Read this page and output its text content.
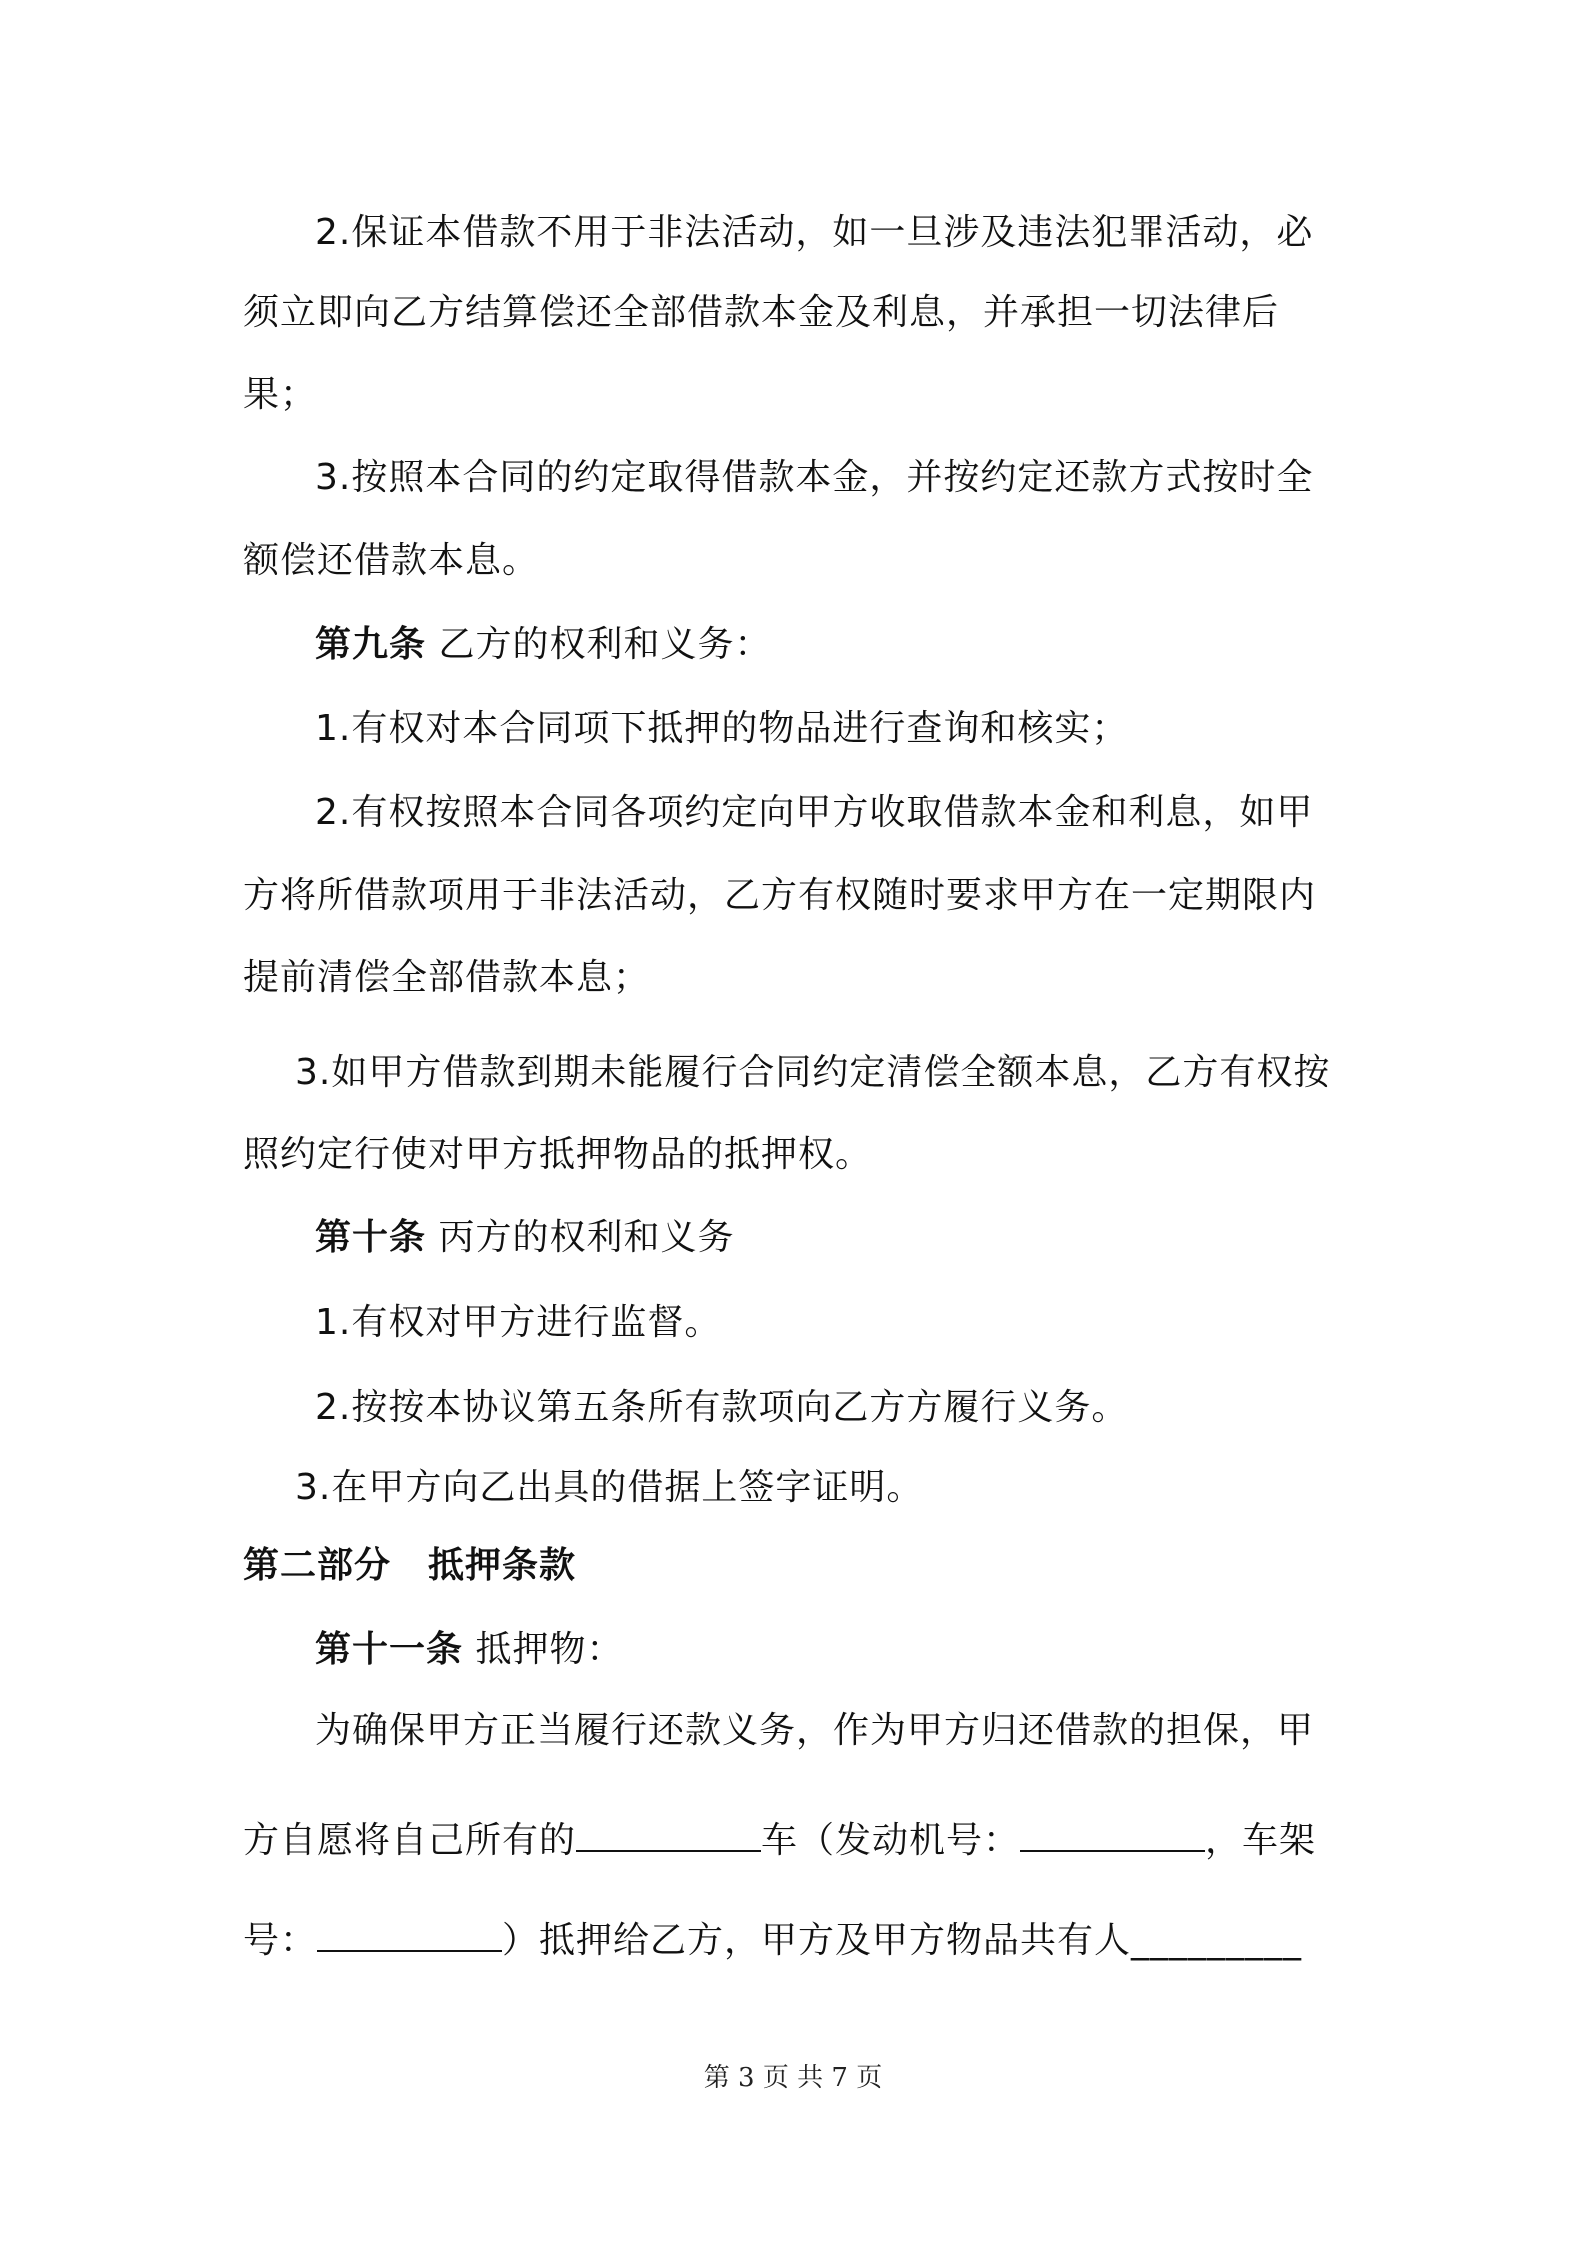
2.保证本借款不用于非法活动，如一旦涉及违法犯罪活动，必
须立即向乙方结算偿还全部借款本金及利息，并承担一切法律后
果；
3.按照本合同的约定取得借款本金，并按约定还款方式按时全
额偿还借款本息。
第九条 乙方的权利和义务：
1.有权对本合同项下抵押的物品进行查询和核实；
2.有权按照本合同各项约定向甲方收取借款本金和利息，如甲
方将所借款项用于非法活动，乙方有权随时要求甲方在一定期限内
提前清偿全部借款本息；
3.如甲方借款到期未能履行合同约定清偿全额本息，乙方有权按
照约定行使对甲方抵押物品的抵押权。
第十条 丙方的权利和义务
1.有权对甲方进行监督。
2.按按本协议第五条所有款项向乙方方履行义务。
3.在甲方向乙出具的借据上签字证明。
第二部分　抵押条款
第十一条 抵押物：
为确保甲方正当履行还款义务，作为甲方归还借款的担保，甲
方自愿将自己所有的	车（发动机号：	，车架
号：	）抵押给乙方，甲方及甲方物品共有人_________
第 3 页 共 7 页
